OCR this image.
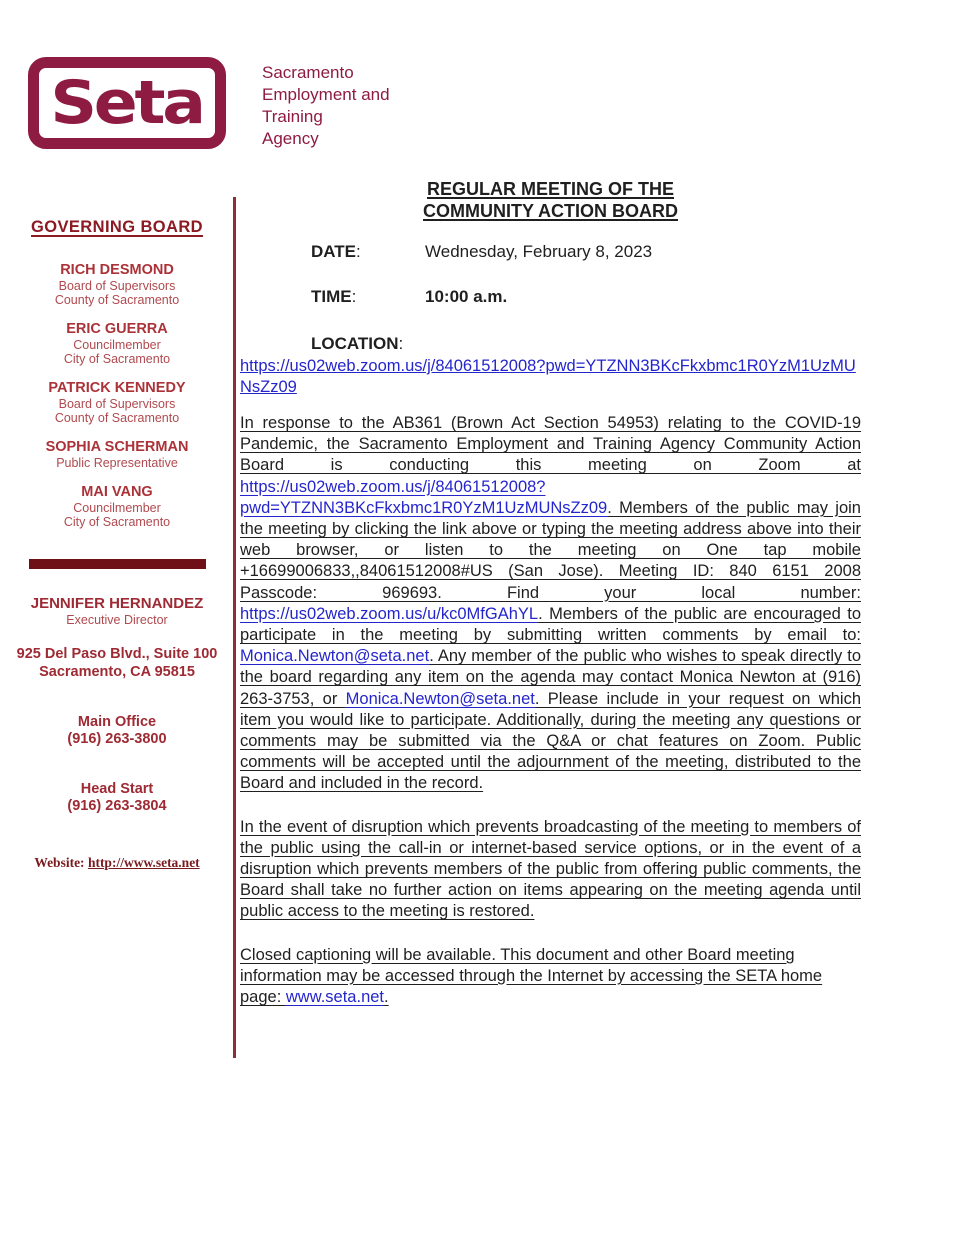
Seta	Sacramento
Employment and
Training
Agency
GOVERNING BOARD
RICH DESMOND
Board of Supervisors
County of Sacramento
ERIC GUERRA
Councilmember
City of Sacramento
PATRICK KENNEDY
Board of Supervisors
County of Sacramento
SOPHIA SCHERMAN
Public Representative
MAI VANG
Councilmember
City of Sacramento
JENNIFER HERNANDEZ
Executive Director
925 Del Paso Blvd., Suite 100
Sacramento, CA 95815
Main Office
(916) 263-3800
Head Start
(916) 263-3804
Website: http://www.seta.net
REGULAR MEETING OF THE
COMMUNITY ACTION BOARD
DATE:	Wednesday, February 8, 2023
TIME:	10:00 a.m.
LOCATION:
https://us02web.zoom.us/j/84061512008?pwd=YTZNN3BKcFkxbmc1R0YzM1UzMUNsZz09
In response to the AB361 (Brown Act Section 54953) relating to the COVID-19 Pandemic, the Sacramento Employment and Training Agency Community Action Board is conducting this meeting on Zoom at https://us02web.zoom.us/j/84061512008?pwd=YTZNN3BKcFkxbmc1R0YzM1UzMUNsZz09. Members of the public may join the meeting by clicking the link above or typing the meeting address above into their web browser, or listen to the meeting on One tap mobile +16699006833,,84061512008#US (San Jose). Meeting ID: 840 6151 2008 Passcode: 969693. Find your local number: https://us02web.zoom.us/u/kc0MfGAhYL. Members of the public are encouraged to participate in the meeting by submitting written comments by email to: Monica.Newton@seta.net. Any member of the public who wishes to speak directly to the board regarding any item on the agenda may contact Monica Newton at (916) 263-3753, or Monica.Newton@seta.net. Please include in your request on which item you would like to participate. Additionally, during the meeting any questions or comments may be submitted via the Q&A or chat features on Zoom. Public comments will be accepted until the adjournment of the meeting, distributed to the Board and included in the record.
In the event of disruption which prevents broadcasting of the meeting to members of the public using the call-in or internet-based service options, or in the event of a disruption which prevents members of the public from offering public comments, the Board shall take no further action on items appearing on the meeting agenda until public access to the meeting is restored.
Closed captioning will be available. This document and other Board meeting information may be accessed through the Internet by accessing the SETA home page: www.seta.net.
